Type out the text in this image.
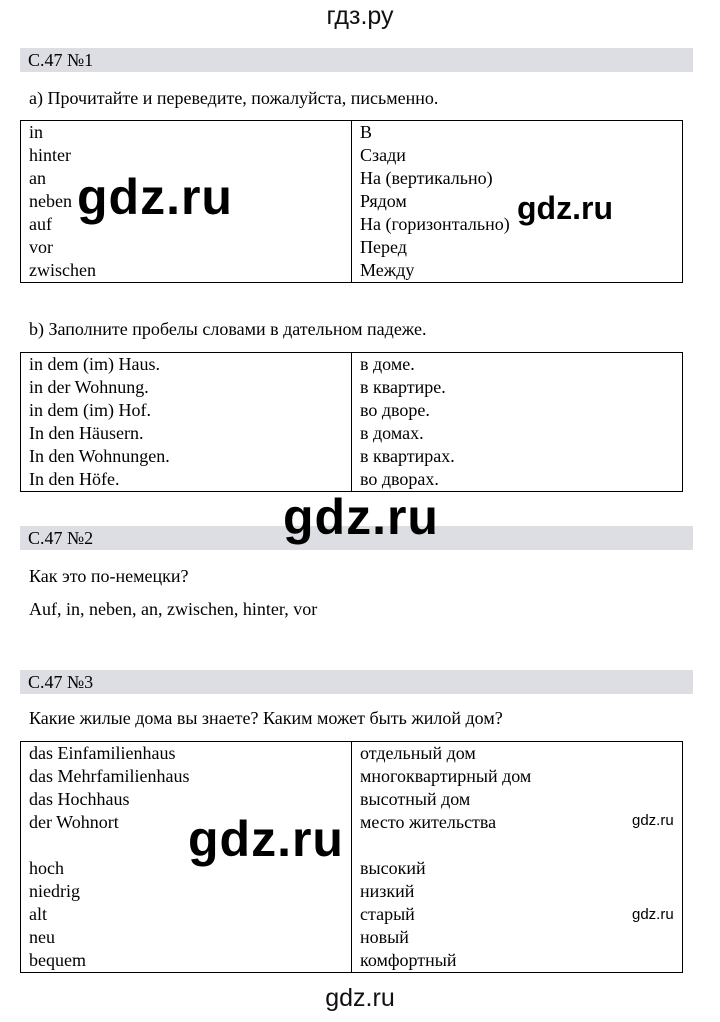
гдз.ру
С.47 №1
a) Прочитайте и переведите, пожалуйста, письменно.
in	В
hinter	Сзади
an	На (вертикально)
neben	Рядом
auf	На (горизонтально)
vor	Перед
zwischen	Между
b) Заполните пробелы словами в дательном падеже.
in dem (im) Haus.	в доме.
in der Wohnung.	в квартире.
in dem (im) Hof.	во дворе.
In den Häusern.	в домах.
In den Wohnungen.	в квартирах.
In den Höfe.	во дворах.
С.47 №2
Как это по-немецки?
Auf, in, neben, an, zwischen, hinter, vor
С.47 №3
Какие жилые дома вы знаете? Каким может быть жилой дом?
das Einfamilienhaus	отдельный дом
das Mehrfamilienhaus	многоквартирный дом
das Hochhaus	высотный дом
der Wohnort	место жительства

hoch	высокий
niedrig	низкий
alt	старый
neu	новый
bequem	комфортный
gdz.ru	gdz.ru
gdz.ru
gdz.ru	gdz.ru
gdz.ru
gdz.ru
